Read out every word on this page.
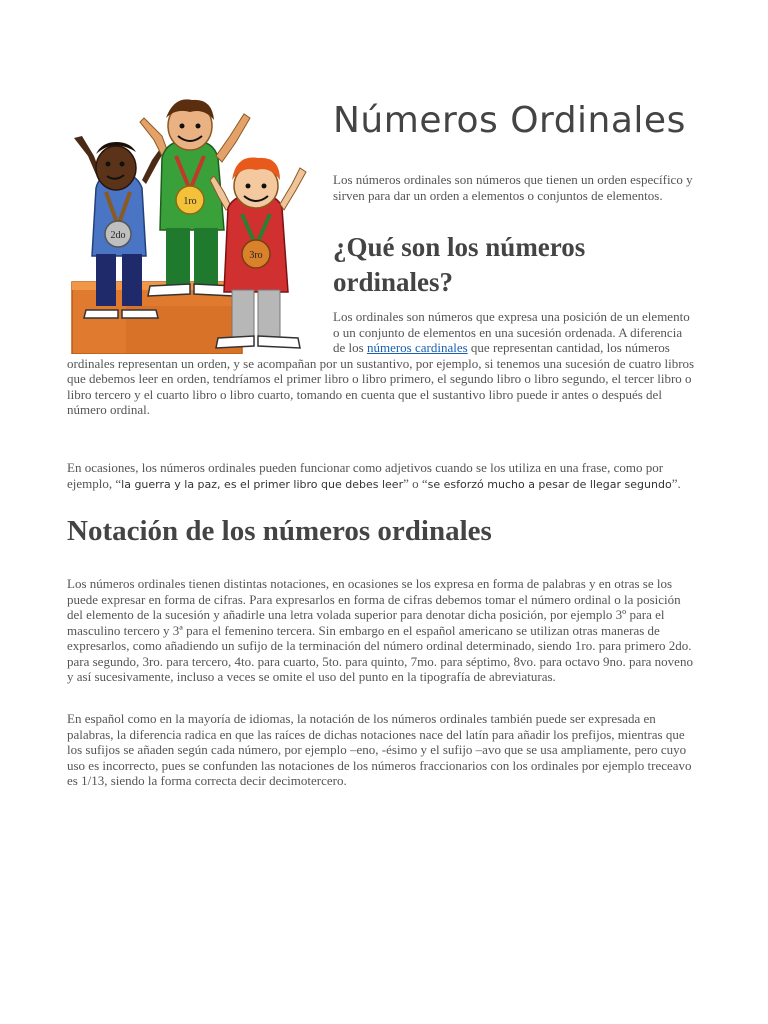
2do
1ro
3ro
Números Ordinales

Los números ordinales son números que tienen un orden específico y sirven para dar un orden a elementos o conjuntos de elementos.

¿Qué son los números ordinales?
Los ordinales son números que expresa una posición de un elemento
o un conjunto de elementos en una sucesión ordenada. A diferencia
de los números cardinales que representan cantidad, los números
ordinales representan un orden, y se acompañan por un sustantivo, por ejemplo, si tenemos una sucesión de cuatro libros que debemos leer en orden, tendríamos el primer libro o libro primero, el segundo libro o libro segundo, el tercer libro o libro tercero y el cuarto libro o libro cuarto, tomando en cuenta que el sustantivo libro puede ir antes o después del número ordinal.

En ocasiones, los números ordinales pueden funcionar como adjetivos cuando se los utiliza en una frase, como por ejemplo, “la guerra y la paz, es el primer libro que debes leer” o “se esforzó mucho a pesar de llegar segundo”.

Notación de los números ordinales

Los números ordinales tienen distintas notaciones, en ocasiones se los expresa en forma de palabras y en otras se los puede expresar en forma de cifras. Para expresarlos en forma de cifras debemos tomar el número ordinal o la posición del elemento de la sucesión y añadirle una letra volada superior para denotar dicha posición, por ejemplo 3º para el masculino tercero y 3ª para el femenino tercera. Sin embargo en el español americano se utilizan otras maneras de expresarlos, como añadiendo un sufijo de la terminación del número ordinal determinado, siendo 1ro. para primero 2do. para segundo, 3ro. para tercero, 4to. para cuarto, 5to. para quinto, 7mo. para séptimo, 8vo. para octavo 9no. para noveno y así sucesivamente, incluso a veces se omite el uso del punto en la tipografía de abreviaturas.

En español como en la mayoría de idiomas, la notación de los números ordinales también puede ser expresada en palabras, la diferencia radica en que las raíces de dichas notaciones nace del latín para añadir los prefijos, mientras que los sufijos se añaden según cada número, por ejemplo –eno, -ésimo y el sufijo –avo que se usa ampliamente, pero cuyo uso es incorrecto, pues se confunden las notaciones de los números fraccionarios con los ordinales por ejemplo treceavo es 1/13, siendo la forma correcta decir decimotercero.
